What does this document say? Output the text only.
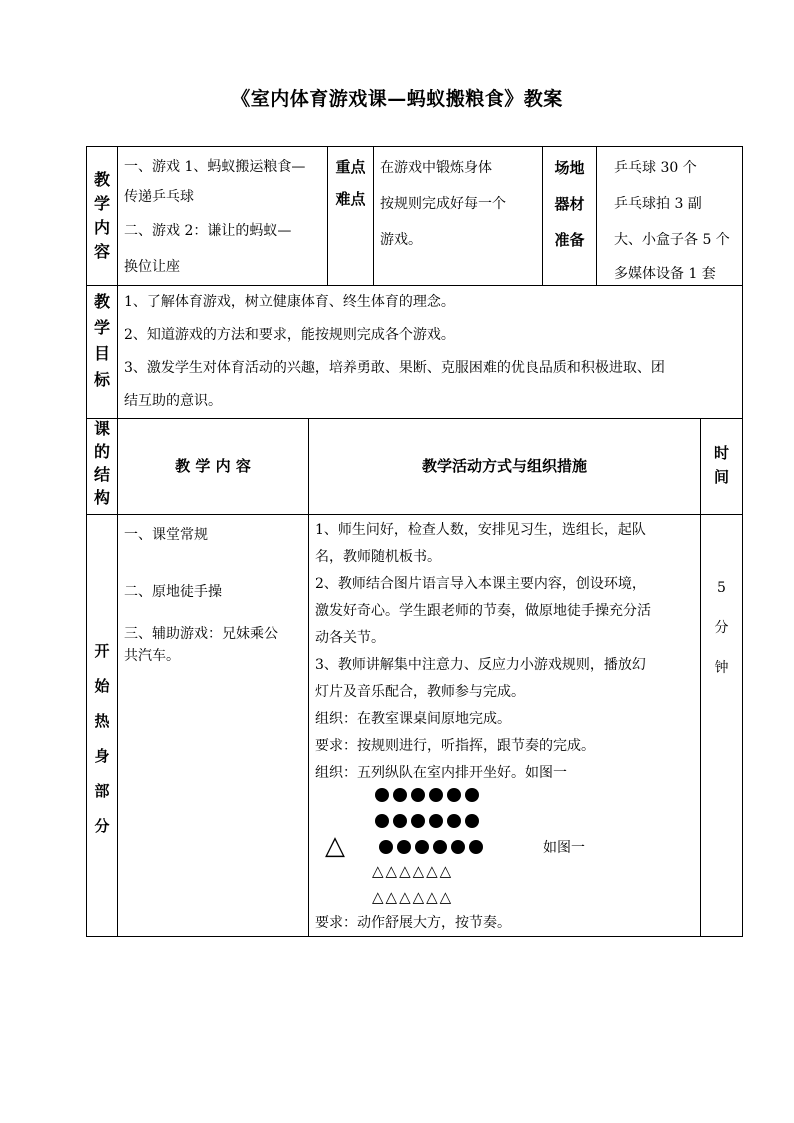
《室内体育游戏课—蚂蚁搬粮食》教案
教学内容
一、游戏 1、蚂蚁搬运粮食—
传递乒乓球
二、游戏 2：谦让的蚂蚁—
换位让座
重点
难点
在游戏中锻炼身体
按规则完成好每一个
游戏。
场地
器材
准备
乒乓球 30 个
乒乓球拍 3 副
大、小盒子各 5 个
多媒体设备 1 套
教学目标
1、了解体育游戏，树立健康体育、终生体育的理念。
2、知道游戏的方法和要求，能按规则完成各个游戏。
3、激发学生对体育活动的兴趣，培养勇敢、果断、克服困难的优良品质和积极进取、团
结互助的意识。
课的结构
教 学 内 容	教学活动方式与组织措施
时间
开始热身部分
一、课堂常规
二、原地徒手操
三、辅助游戏：兄妹乘公
共汽车。
1、师生问好，检查人数，安排见习生，选组长，起队
名，教师随机板书。
2、教师结合图片语言导入本课主要内容，创设环境，
激发好奇心。学生跟老师的节奏，做原地徒手操充分活
动各关节。
3、教师讲解集中注意力、反应力小游戏规则，播放幻
灯片及音乐配合，教师参与完成。
组织：在教室课桌间原地完成。
要求：按规则进行，听指挥，跟节奏的完成。
组织：五列纵队在室内排开坐好。如图一
△	如图一
△△△△△△
△△△△△△
要求：动作舒展大方，按节奏。
5
分
钟
